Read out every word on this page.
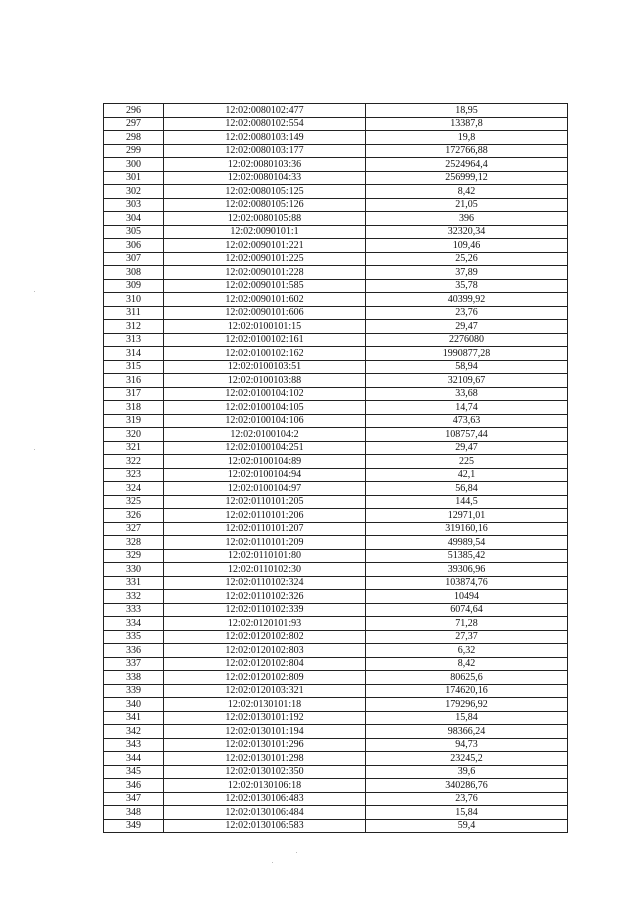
296	12:02:0080102:477	18,95
297	12:02:0080102:554	13387,8
298	12:02:0080103:149	19,8
299	12:02:0080103:177	172766,88
300	12:02:0080103:36	2524964,4
301	12:02:0080104:33	256999,12
302	12:02:0080105:125	8,42
303	12:02:0080105:126	21,05
304	12:02:0080105:88	396
305	12:02:0090101:1	32320,34
306	12:02:0090101:221	109,46
307	12:02:0090101:225	25,26
308	12:02:0090101:228	37,89
309	12:02:0090101:585	35,78
310	12:02:0090101:602	40399,92
311	12:02:0090101:606	23,76
312	12:02:0100101:15	29,47
313	12:02:0100102:161	2276080
314	12:02:0100102:162	1990877,28
315	12:02:0100103:51	58,94
316	12:02:0100103:88	32109,67
317	12:02:0100104:102	33,68
318	12:02:0100104:105	14,74
319	12:02:0100104:106	473,63
320	12:02:0100104:2	108757,44
321	12:02:0100104:251	29,47
322	12:02:0100104:89	225
323	12:02:0100104:94	42,1
324	12:02:0100104:97	56,84
325	12:02:0110101:205	144,5
326	12:02:0110101:206	12971,01
327	12:02:0110101:207	319160,16
328	12:02:0110101:209	49989,54
329	12:02:0110101:80	51385,42
330	12:02:0110102:30	39306,96
331	12:02:0110102:324	103874,76
332	12:02:0110102:326	10494
333	12:02:0110102:339	6074,64
334	12:02:0120101:93	71,28
335	12:02:0120102:802	27,37
336	12:02:0120102:803	6,32
337	12:02:0120102:804	8,42
338	12:02:0120102:809	80625,6
339	12:02:0120103:321	174620,16
340	12:02:0130101:18	179296,92
341	12:02:0130101:192	15,84
342	12:02:0130101:194	98366,24
343	12:02:0130101:296	94,73
344	12:02:0130101:298	23245,2
345	12:02:0130102:350	39,6
346	12:02:0130106:18	340286,76
347	12:02:0130106:483	23,76
348	12:02:0130106:484	15,84
349	12:02:0130106:583	59,4
